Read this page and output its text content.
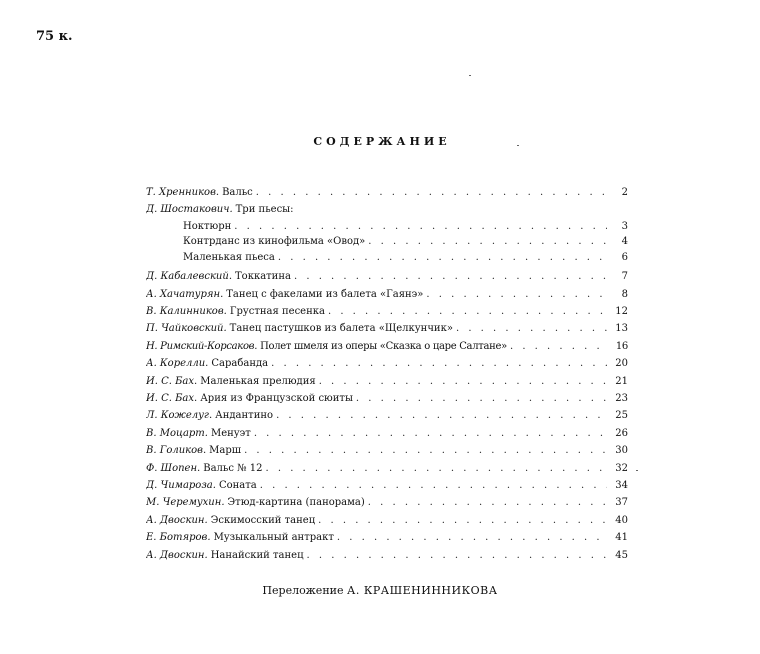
75 к.
СОДЕРЖАНИЕ
Т. Хренников. Вальс . . .	2
Д. Шостакович. Три пьесы:
Ноктюрн . . .	3
Контрданс из кинофильма «Овод» . . .	4
Маленькая пьеса . . .	6
Д. Кабалевский. Токкатина . . .	7
А. Хачатурян. Танец с факелами из балета «Гаянэ» . . .	8
В. Калинников. Грустная песенка . . .	12
П. Чайковский. Танец пастушков из балета «Щелкунчик» . . .	13
Н. Римский-Корсаков. Полет шмеля из оперы «Сказка о царе Салтане» . . .	16
А. Корелли. Сарабанда . . .	20
И. С. Бах. Маленькая прелюдия . . .	21
И. С. Бах. Ария из Французской сюиты . . .	23
Л. Кожелуг. Андантино . . .	25
В. Моцарт. Менуэт . . .	26
В. Голиков. Марш . . .	30
Ф. Шопен. Вальс № 12 . . .	32
Д. Чимароза. Соната . . .	34
М. Черемухин. Этюд-картина (панорама) . . .	37
А. Двоскин. Эскимосский танец . . .	40
Е. Ботяров. Музыкальный антракт . . .	41
А. Двоскин. Нанайский танец . . .	45
Переложение А. КРАШЕНИННИКОВА
